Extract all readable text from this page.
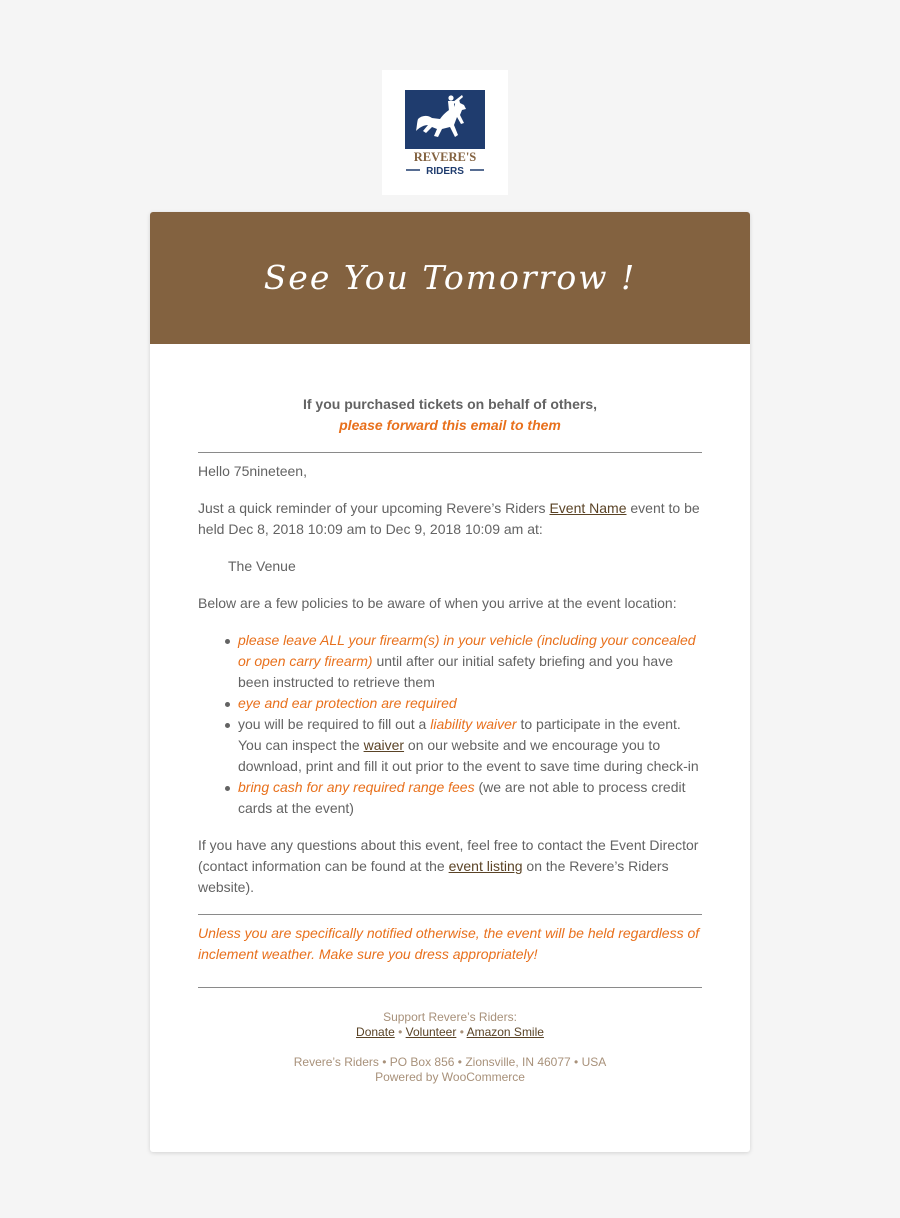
REVERE'S
RIDERS
See You Tomorrow !

If you purchased tickets on behalf of others,

please forward this email to them

Hello 75nineteen,

Just a quick reminder of your upcoming Revere’s Riders Event Name event to be held Dec 8, 2018 10:09 am to Dec 9, 2018 10:09 am at:

The Venue

Below are a few policies to be aware of when you arrive at the event location:

please leave ALL your firearm(s) in your vehicle (including your concealed or open carry firearm) until after our initial safety briefing and you have been instructed to retrieve them
eye and ear protection are required
you will be required to fill out a liability waiver to participate in the event. You can inspect the waiver on our website and we encourage you to download, print and fill it out prior to the event to save time during check-in
bring cash for any required range fees (we are not able to process credit cards at the event)

If you have any questions about this event, feel free to contact the Event Director (contact information can be found at the event listing on the Revere’s Riders website).

Unless you are specifically notified otherwise, the event will be held regardless of inclement weather. Make sure you dress appropriately!

Support Revere’s Riders:

Donate • Volunteer • Amazon Smile

Revere’s Riders • PO Box 856 • Zionsville, IN 46077 • USA

Powered by WooCommerce
